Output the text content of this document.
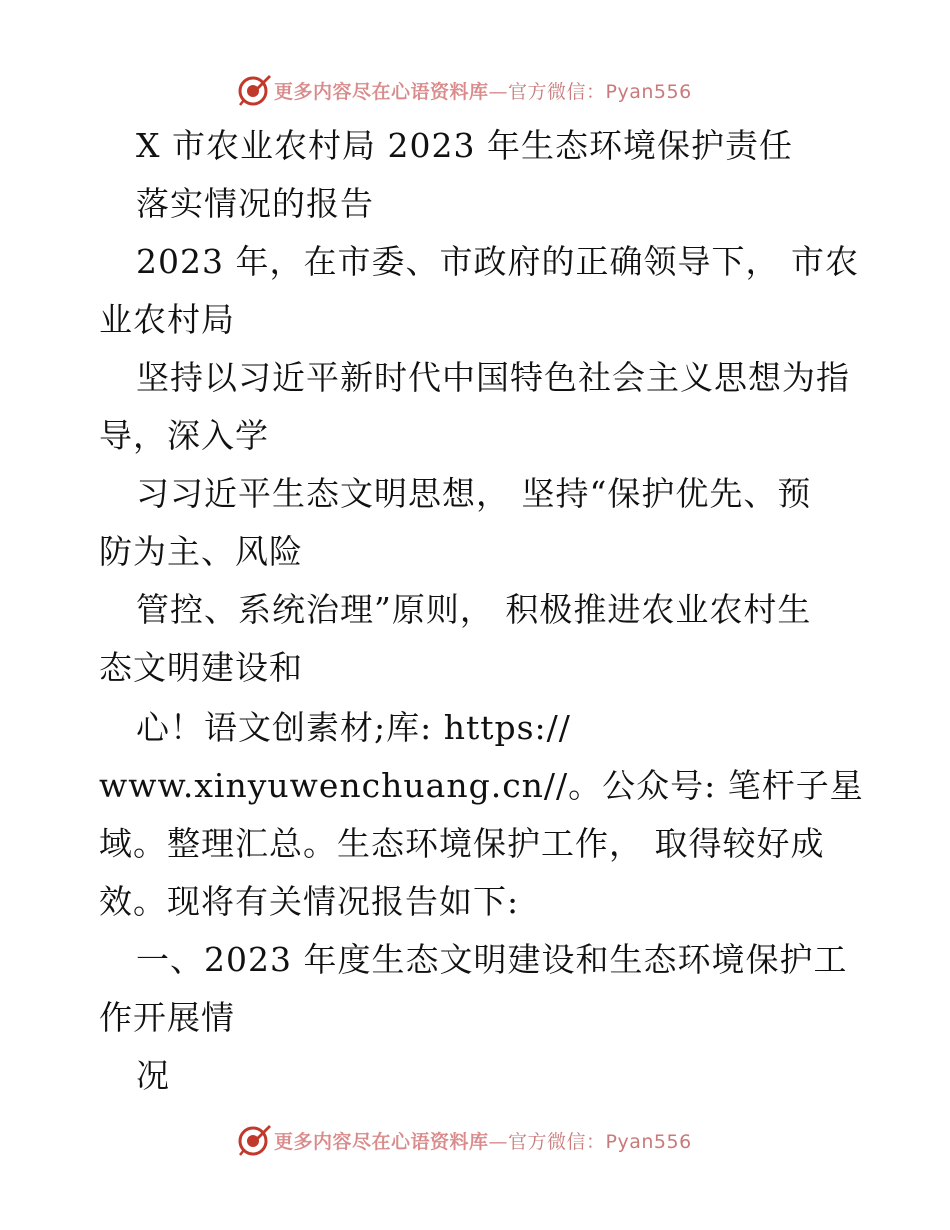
更多内容尽在心语资料库—官方微信：Pyan556
X 市农业农村局 2023 年生态环境保护责任
落实情况的报告
2023 年，在市委、市政府的正确领导下， 市农
业农村局
坚持以习近平新时代中国特色社会主义思想为指
导，深入学
习习近平生态文明思想， 坚持“保护优先、预
防为主、风险
管控、系统治理”原则， 积极推进农业农村生
态文明建设和
心！语文创素材;库: https://
www.xinyuwenchuang.cn//。公众号: 笔杆子星
域。整理汇总。生态环境保护工作， 取得较好成
效。现将有关情况报告如下:
一、2023 年度生态文明建设和生态环境保护工
作开展情
况
更多内容尽在心语资料库—官方微信：Pyan556
